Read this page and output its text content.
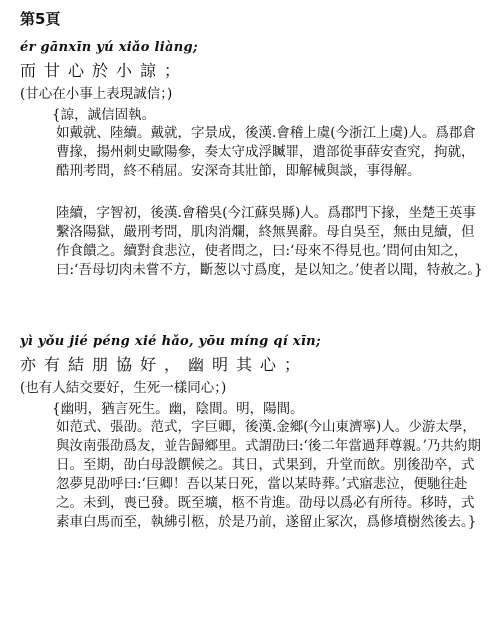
第5頁
ér gānxīn yú xiǎo liàng;
而甘心於小諒；
(甘心在小事上表現誠信；)
{諒，誠信固執。
如戴就、陸續。戴就，字景成，後漢.會稽上虞(今浙江上虞)人。爲郡倉曹掾，揚州刺史歐陽參，奏太守成浮贓罪，遣部從事薛安查究，拘就，酷刑考問，終不稍屈。安深奇其壯節，即解械與談，事得解。
陸續，字智初，後漢.會稽吳(今江蘇吳縣)人。爲郡門下掾，坐楚王英事繫洛陽獄，嚴刑考問，肌肉消爛，終無異辭。母自吳至，無由見續，但作食饋之。續對食悲泣，使者問之，曰:‘母來不得見也。’問何由知之，曰:‘吾母切肉未嘗不方，斷葱以寸爲度，是以知之。’使者以聞，特赦之。}
yì yǒu jié péng xié hǎo, yōu míng qí xīn;
亦有結朋協好，幽明其心；
(也有人結交要好，生死一樣同心；)
{幽明，猶言死生。幽，陰間。明，陽間。
如范式、張劭。范式，字巨卿，後漢.金鄉(今山東濟寧)人。少游太學，與汝南張劭爲友，並告歸鄉里。式謂劭曰:‘後二年當過拜尊親。’乃共約期日。至期，劭白母設饌候之。其日，式果到，升堂而飲。別後劭卒，式忽夢見劭呼曰:‘巨卿！吾以某日死，當以某時葬。’式寤悲泣，便馳往赴之。未到，喪已發。既至壙，柩不肯進。劭母以爲必有所待。移時，式素車白馬而至，執紼引柩，於是乃前，遂留止冢次，爲修墳樹然後去。}
